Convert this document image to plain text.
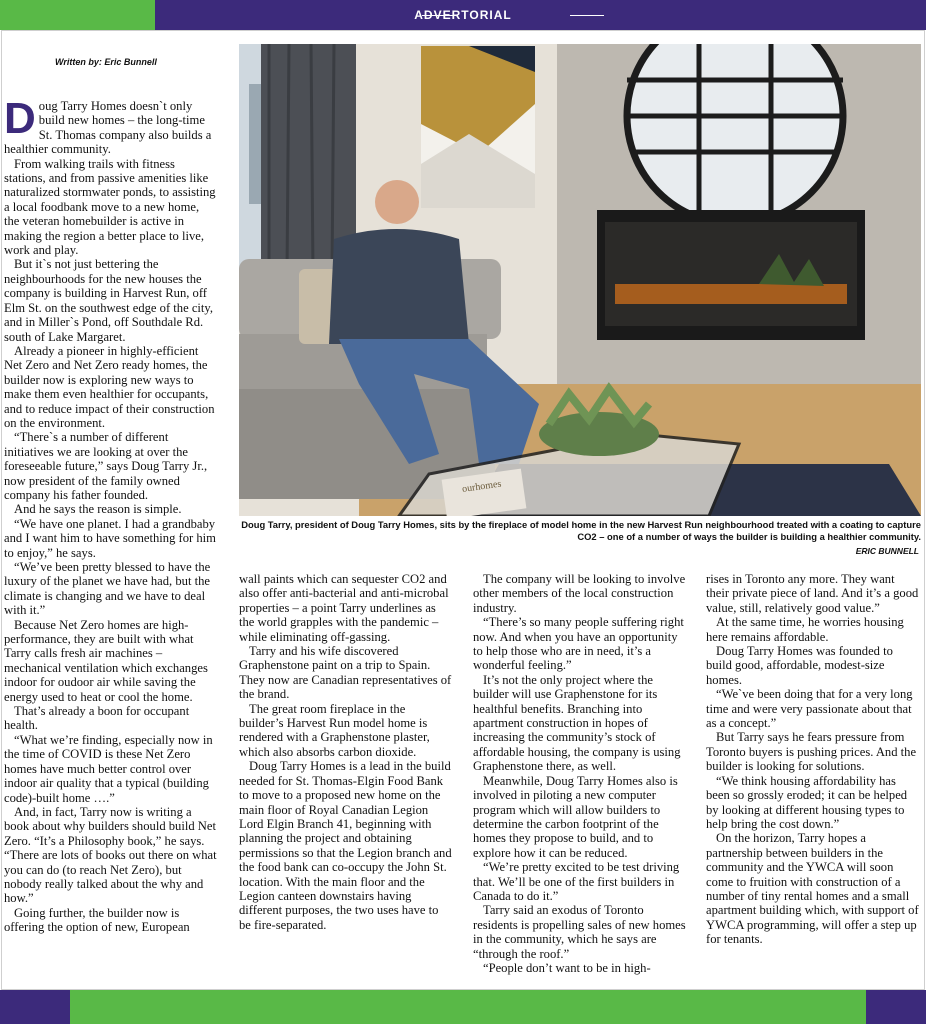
ADVERTORIAL
Written by: Eric Bunnell

Doug Tarry Homes doesn`t only build new homes – the long-time St. Thomas company also builds a healthier community.

From walking trails with fitness stations, and from passive amenities like naturalized stormwater ponds, to assisting a local foodbank move to a new home, the veteran homebuilder is active in making the region a better place to live, work and play.

But it`s not just bettering the neighbourhoods for the new houses the company is building in Harvest Run, off Elm St. on the southwest edge of the city, and in Miller`s Pond, off Southdale Rd. south of Lake Margaret.

Already a pioneer in highly-efficient Net Zero and Net Zero ready homes, the builder now is exploring new ways to make them even healthier for occupants, and to reduce impact of their construction on the environment.

“There`s a number of different initiatives we are looking at over the foreseeable future,” says Doug Tarry Jr., now president of the family owned company his father founded.

And he says the reason is simple.

“We have one planet. I had a grandbaby and I want him to have something for him to enjoy,” he says.

“We’ve been pretty blessed to have the luxury of the planet we have had, but the climate is changing and we have to deal with it.”

Because Net Zero homes are high-performance, they are built with what Tarry calls fresh air machines – mechanical ventilation which exchanges indoor for oudoor air while saving the energy used to heat or cool the home.

That’s already a boon for occupant health.

“What we’re finding, especially now in the time of COVID is these Net Zero homes have much better control over indoor air quality that a typical (building code)-built home ….”

And, in fact, Tarry now is writing a book about why builders should build Net Zero. “It’s a Philosophy book,” he says. “There are lots of books out there on what you can do (to reach Net Zero), but nobody really talked about the why and how.”

Going further, the builder now is offering the option of new, European

ourhomes
Doug Tarry, president of Doug Tarry Homes, sits by the fireplace of model home in the new Harvest Run neighbourhood treated with a coating to capture CO2 – one of a number of ways the builder is building a healthier community.
ERIC BUNNELL

wall paints which can sequester CO2 and also offer anti-bacterial and anti-microbal properties – a point Tarry underlines as the world grapples with the pandemic – while eliminating off-gassing.

Tarry and his wife discovered Graphenstone paint on a trip to Spain. They now are Canadian representatives of the brand.

The great room fireplace in the builder’s Harvest Run model home is rendered with a Graphenstone plaster, which also absorbs carbon dioxide.

Doug Tarry Homes is a lead in the build needed for St. Thomas-Elgin Food Bank to move to a proposed new home on the main floor of Royal Canadian Legion Lord Elgin Branch 41, beginning with planning the project and obtaining permissions so that the Legion branch and the food bank can co-occupy the John St. location. With the main floor and the Legion canteen downstairs having different purposes, the two uses have to be fire-separated.

The company will be looking to involve other members of the local construction industry.

“There’s so many people suffering right now. And when you have an opportunity to help those who are in need, it’s a wonderful feeling.”

It’s not the only project where the builder will use Graphenstone for its healthful benefits. Branching into apartment construction in hopes of increasing the community’s stock of affordable housing, the company is using Graphenstone there, as well.

Meanwhile, Doug Tarry Homes also is involved in piloting a new computer program which will allow builders to determine the carbon footprint of the homes they propose to build, and to explore how it can be reduced.

“We’re pretty excited to be test driving that. We’ll be one of the first builders in Canada to do it.”

Tarry said an exodus of Toronto residents is propelling sales of new homes in the community, which he says are “through the roof.”

“People don’t want to be in high-

rises in Toronto any more. They want their private piece of land. And it’s a good value, still, relatively good value.”

At the same time, he worries housing here remains affordable.

Doug Tarry Homes was founded to build good, affordable, modest-size homes.

“We`ve been doing that for a very long time and were very passionate about that as a concept.”

But Tarry says he fears pressure from Toronto buyers is pushing prices. And the builder is looking for solutions.

“We think housing affordability has been so grossly eroded; it can be helped by looking at different housing types to help bring the cost down.”

On the horizon, Tarry hopes a partnership between builders in the community and the YWCA will soon come to fruition with construction of a number of tiny rental homes and a small apartment building which, with support of YWCA programming, will offer a step up for tenants.
